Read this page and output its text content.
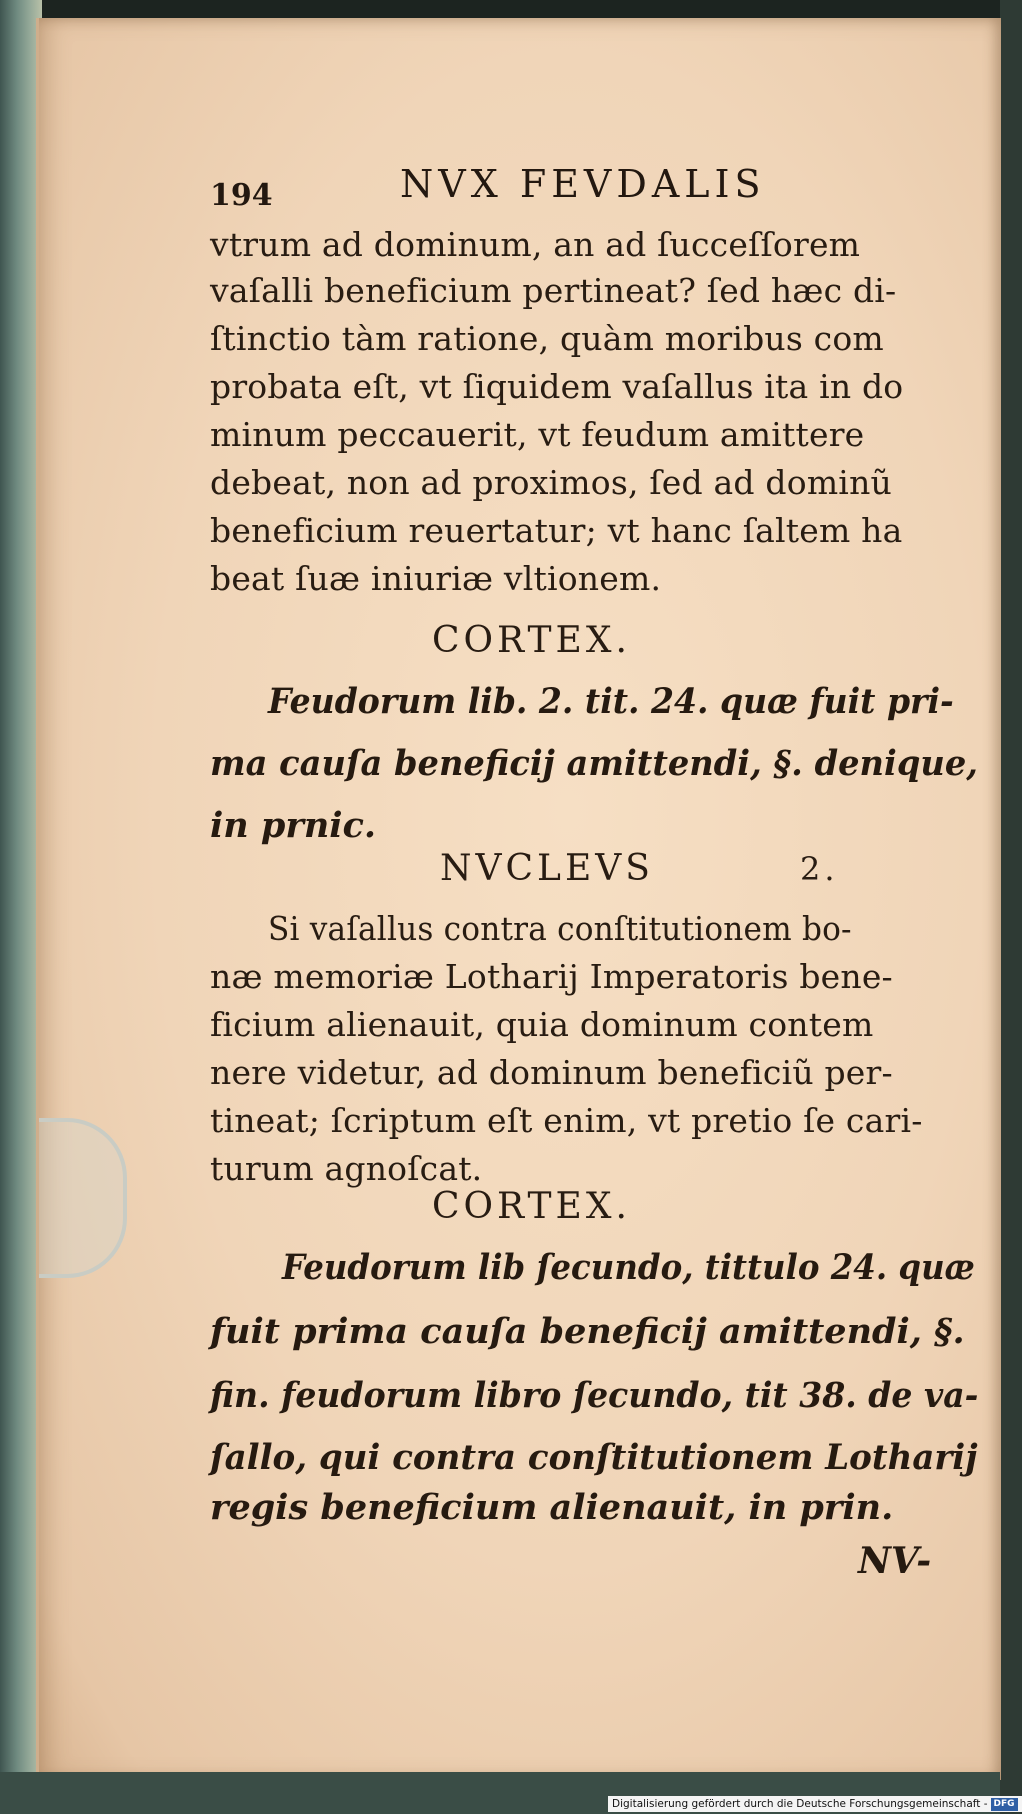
194	NVX FEVDALIS
vtrum ad dominum, an ad ſucceſſorem
vaſalli beneficium pertineat? ſed hæc di-
ſtinctio tàm ratione, quàm moribus com
probata eſt, vt ſiquidem vaſallus ita in do
minum peccauerit, vt feudum amittere
debeat, non ad proximos, ſed ad dominũ
beneficium reuertatur; vt hanc ſaltem ha
beat ſuæ iniuriæ vltionem.
CORTEX.
Feudorum lib. 2. tit. 24. quæ fuit pri-
ma cauſa beneficij amittendi, §. denique,
in prnic.
NVCLEVS	2.
Si vaſallus contra conſtitutionem bo-
næ memoriæ Lotharij Imperatoris bene-
ficium alienauit, quia dominum contem
nere videtur, ad dominum beneficiũ per-
tineat; ſcriptum eſt enim, vt pretio ſe cari-
turum agnoſcat.
CORTEX.
Feudorum lib ſecundo, tittulo 24. quæ
fuit prima cauſa beneficij amittendi, §.
fin. feudorum libro ſecundo, tit 38. de va-
ſallo, qui contra conſtitutionem Lotharij
regis beneficium alienauit, in prin.
NV-
Digitalisierung gefördert durch die Deutsche Forschungsgemeinschaft - DFG
